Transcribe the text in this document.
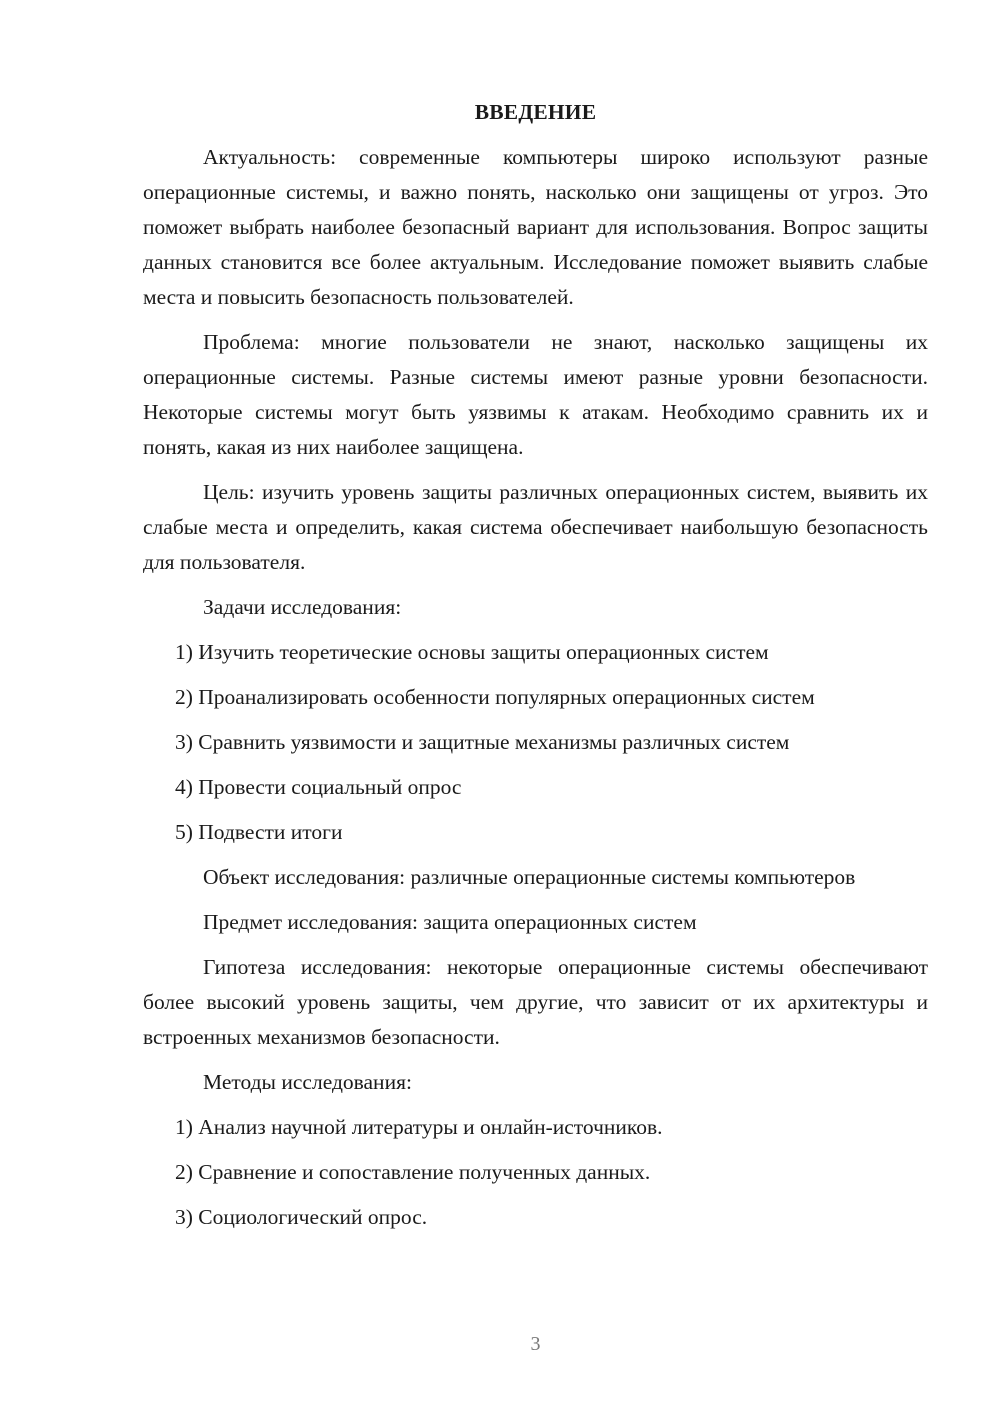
ВВЕДЕНИЕ

Актуальность: современные компьютеры широко используют разные операционные системы, и важно понять, насколько они защищены от угроз. Это поможет выбрать наиболее безопасный вариант для использования. Вопрос защиты данных становится все более актуальным. Исследование поможет выявить слабые места и повысить безопасность пользователей.

Проблема: многие пользователи не знают, насколько защищены их операционные системы. Разные системы имеют разные уровни безопасности. Некоторые системы могут быть уязвимы к атакам. Необходимо сравнить их и понять, какая из них наиболее защищена.

Цель: изучить уровень защиты различных операционных систем, выявить их слабые места и определить, какая система обеспечивает наибольшую безопасность для пользователя.

Задачи исследования:

1) Изучить теоретические основы защиты операционных систем
2) Проанализировать особенности популярных операционных систем
3) Сравнить уязвимости и защитные механизмы различных систем
4) Провести социальный опрос
5) Подвести итоги

Объект исследования: различные операционные системы компьютеров

Предмет исследования: защита операционных систем

Гипотеза исследования: некоторые операционные системы обеспечивают более высокий уровень защиты, чем другие, что зависит от их архитектуры и встроенных механизмов безопасности.

Методы исследования:

1) Анализ научной литературы и онлайн-источников.
2) Сравнение и сопоставление полученных данных.
3) Социологический опрос.
3
